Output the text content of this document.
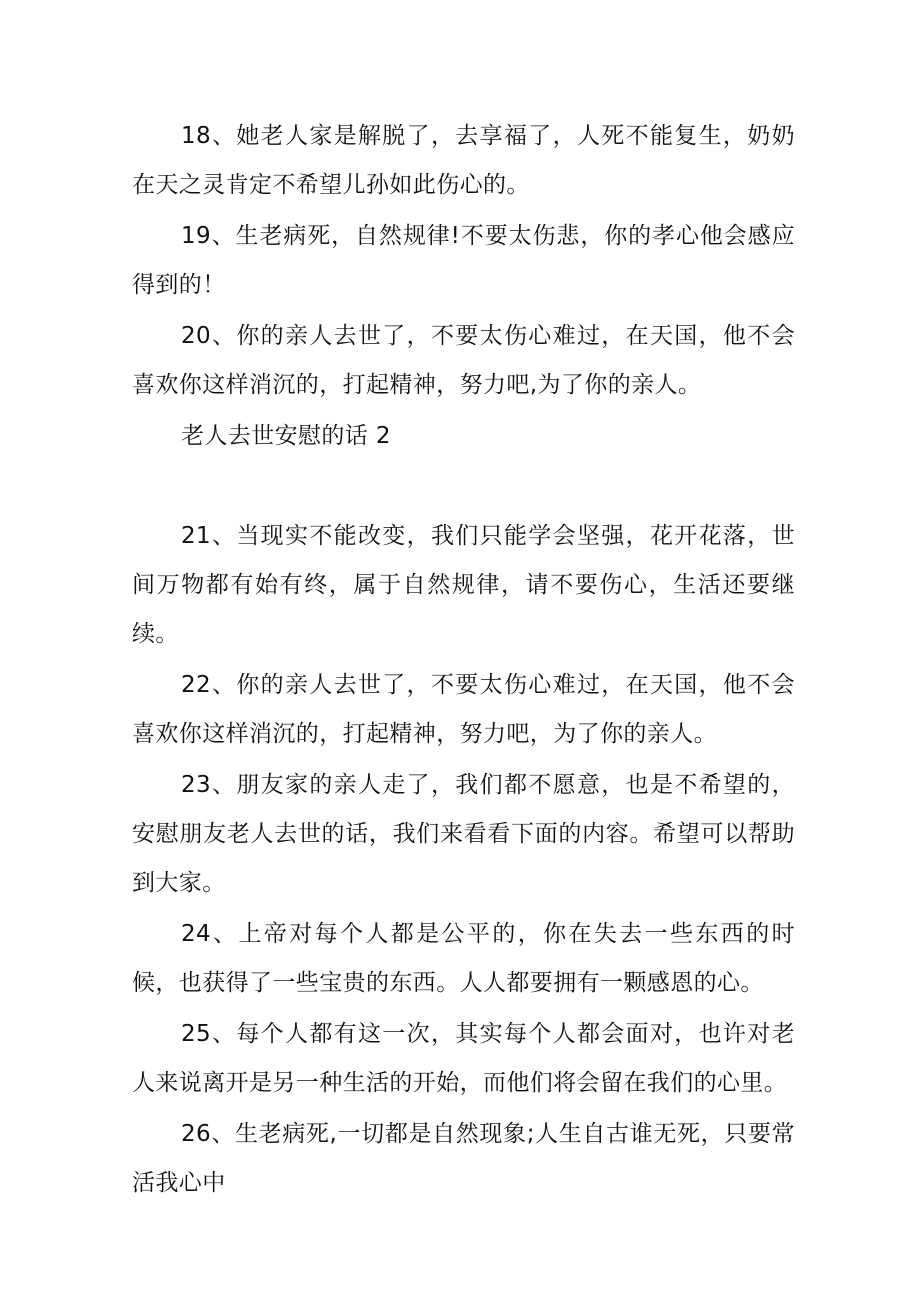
18、她老人家是解脱了，去享福了，人死不能复生，奶奶在天之灵肯定不希望儿孙如此伤心的。

19、生老病死，自然规律!不要太伤悲，你的孝心他会感应得到的！

20、你的亲人去世了，不要太伤心难过，在天国，他不会喜欢你这样消沉的，打起精神，努力吧,为了你的亲人。

老人去世安慰的话 2

21、当现实不能改变，我们只能学会坚强，花开花落，世间万物都有始有终，属于自然规律，请不要伤心，生活还要继续。

22、你的亲人去世了，不要太伤心难过，在天国，他不会喜欢你这样消沉的，打起精神，努力吧，为了你的亲人。

23、朋友家的亲人走了，我们都不愿意，也是不希望的，安慰朋友老人去世的话，我们来看看下面的内容。希望可以帮助到大家。

24、上帝对每个人都是公平的，你在失去一些东西的时候，也获得了一些宝贵的东西。人人都要拥有一颗感恩的心。

25、每个人都有这一次，其实每个人都会面对，也许对老人来说离开是另一种生活的开始，而他们将会留在我们的心里。

26、生老病死,一切都是自然现象;人生自古谁无死，只要常活我心中
